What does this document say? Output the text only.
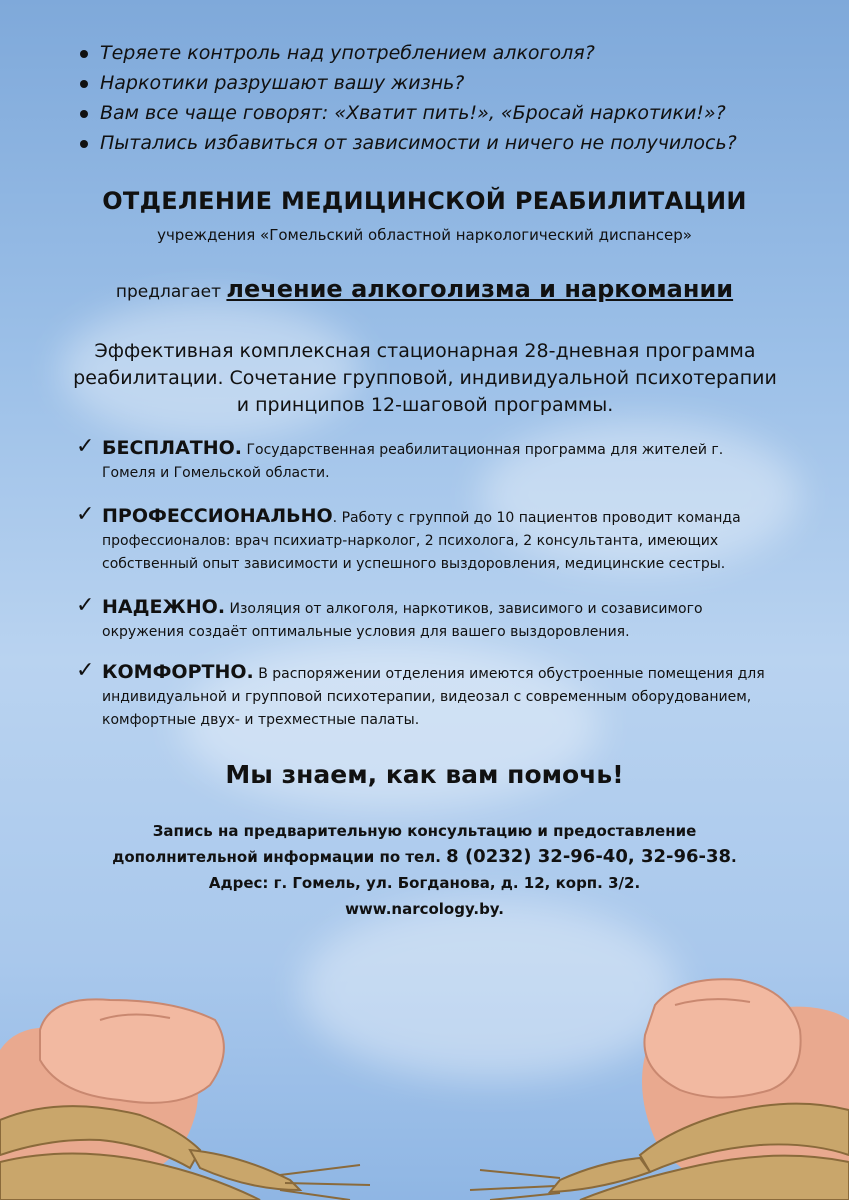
Теряете контроль над употреблением алкоголя?
Наркотики разрушают вашу жизнь?
Вам все чаще говорят: «Хватит пить!», «Бросай наркотики!»?
Пытались избавиться от зависимости и ничего не получилось?
ОТДЕЛЕНИЕ МЕДИЦИНСКОЙ РЕАБИЛИТАЦИИ
учреждения «Гомельский областной наркологический диспансер»
предлагает лечение алкоголизма и наркомании
Эффективная комплексная стационарная 28-дневная программа
реабилитации. Сочетание групповой, индивидуальной психотерапии
и принципов 12-шаговой программы.
✓ БЕСПЛАТНО. Государственная реабилитационная программа для жителей г. Гомеля и Гомельской области.
✓ ПРОФЕССИОНАЛЬНО. Работу с группой до 10 пациентов проводит команда профессионалов: врач психиатр-нарколог, 2 психолога, 2 консультанта, имеющих собственный опыт зависимости и успешного выздоровления, медицинские сестры.
✓ НАДЕЖНО. Изоляция от алкоголя, наркотиков, зависимого и созависимого окружения создаёт оптимальные условия для вашего выздоровления.
✓ КОМФОРТНО. В распоряжении отделения имеются обустроенные помещения для индивидуальной и групповой психотерапии, видеозал с современным оборудованием, комфортные двух- и трехместные палаты.
Мы знаем, как вам помочь!
Запись на предварительную консультацию и предоставление
дополнительной информации по тел. 8 (0232) 32-96-40, 32-96-38.
Адрес: г. Гомель, ул. Богданова, д. 12, корп. 3/2.
www.narcology.by.
